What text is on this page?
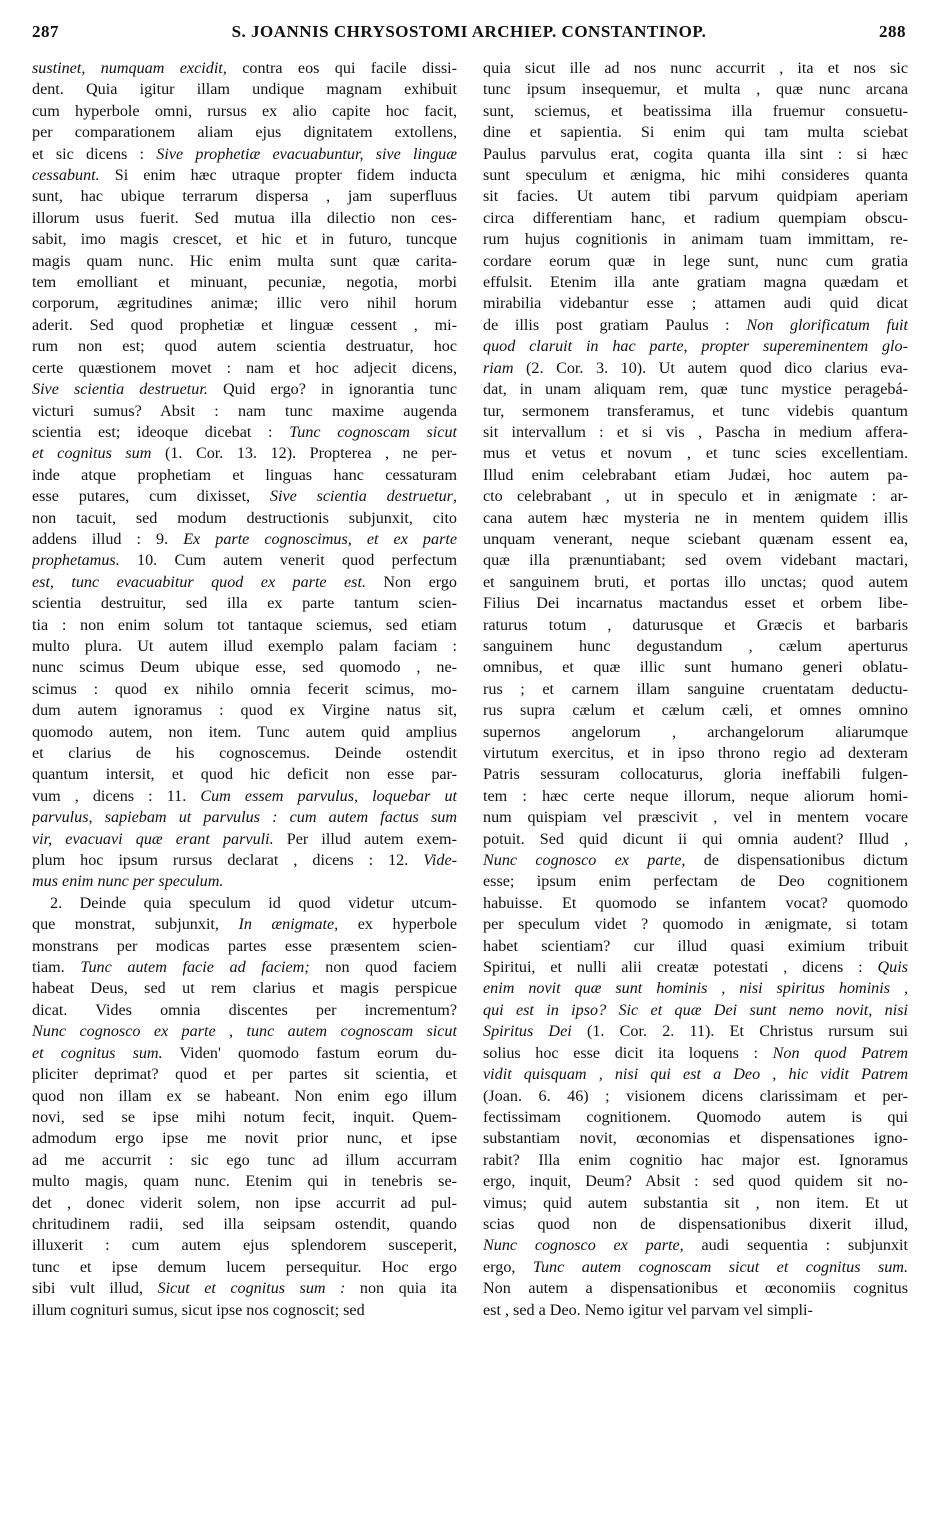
287	S. JOANNIS CHRYSOSTOMI ARCHIEP. CONSTANTINOP.	288

sustinet, numquam excidit, contra eos qui facile dissi-

dent. Quia igitur illam undique magnam exhibuit

cum hyperbole omni, rursus ex alio capite hoc facit,

per comparationem aliam ejus dignitatem extollens,

et sic dicens : Sive prophetiæ evacuabuntur, sive linguæ

cessabunt. Si enim hæc utraque propter fidem inducta

sunt, hac ubique terrarum dispersa , jam superfluus

illorum usus fuerit. Sed mutua illa dilectio non ces-

sabit, imo magis crescet, et hic et in futuro, tuncque

magis quam nunc. Hic enim multa sunt quæ carita-

tem emolliant et minuant, pecuniæ, negotia, morbi

corporum, ægritudines animæ; illic vero nihil horum

aderit. Sed quod prophetiæ et linguæ cessent , mi-

rum non est; quod autem scientia destruatur, hoc

certe quæstionem movet : nam et hoc adjecit dicens,

Sive scientia destruetur. Quid ergo? in ignorantia tunc

victuri sumus? Absit : nam tunc maxime augenda

scientia est; ideoque dicebat : Tunc cognoscam sicut

et cognitus sum (1. Cor. 13. 12). Propterea , ne per-

inde atque prophetiam et linguas hanc cessaturam

esse putares, cum dixisset, Sive scientia destruetur,

non tacuit, sed modum destructionis subjunxit, cito

addens illud : 9. Ex parte cognoscimus, et ex parte

prophetamus. 10. Cum autem venerit quod perfectum

est, tunc evacuabitur quod ex parte est. Non ergo

scientia destruitur, sed illa ex parte tantum scien-

tia : non enim solum tot tantaque sciemus, sed etiam

multo plura. Ut autem illud exemplo palam faciam :

nunc scimus Deum ubique esse, sed quomodo , ne-

scimus : quod ex nihilo omnia fecerit scimus, mo-

dum autem ignoramus : quod ex Virgine natus sit,

quomodo autem, non item. Tunc autem quid amplius

et clarius de his cognoscemus. Deinde ostendit

quantum intersit, et quod hic deficit non esse par-

vum , dicens : 11. Cum essem parvulus, loquebar ut

parvulus, sapiebam ut parvulus : cum autem factus sum

vir, evacuavi quæ erant parvuli. Per illud autem exem-

plum hoc ipsum rursus declarat , dicens : 12. Vide-

mus enim nunc per speculum.

2. Deinde quia speculum id quod videtur utcum-

que monstrat, subjunxit, In ænigmate, ex hyperbole

monstrans per modicas partes esse præsentem scien-

tiam. Tunc autem facie ad faciem; non quod faciem

habeat Deus, sed ut rem clarius et magis perspicue

dicat. Vides omnia discentes per incrementum?

Nunc cognosco ex parte , tunc autem cognoscam sicut

et cognitus sum. Viden' quomodo fastum eorum du-

pliciter deprimat? quod et per partes sit scientia, et

quod non illam ex se habeant. Non enim ego illum

novi, sed se ipse mihi notum fecit, inquit. Quem-

admodum ergo ipse me novit prior nunc, et ipse

ad me accurrit : sic ego tunc ad illum accurram

multo magis, quam nunc. Etenim qui in tenebris se-

det , donec viderit solem, non ipse accurrit ad pul-

chritudinem radii, sed illa seipsam ostendit, quando

illuxerit : cum autem ejus splendorem susceperit,

tunc et ipse demum lucem persequitur. Hoc ergo

sibi vult illud, Sicut et cognitus sum : non quia ita

illum cognituri sumus, sicut ipse nos cognoscit; sed

quia sicut ille ad nos nunc accurrit , ita et nos sic

tunc ipsum insequemur, et multa , quæ nunc arcana

sunt, sciemus, et beatissima illa fruemur consuetu-

dine et sapientia. Si enim qui tam multa sciebat

Paulus parvulus erat, cogita quanta illa sint : si hæc

sunt speculum et ænigma, hic mihi consideres quanta

sit facies. Ut autem tibi parvum quidpiam aperiam

circa differentiam hanc, et radium quempiam obscu-

rum hujus cognitionis in animam tuam immittam, re-

cordare eorum quæ in lege sunt, nunc cum gratia

effulsit. Etenim illa ante gratiam magna quædam et

mirabilia videbantur esse ; attamen audi quid dicat

de illis post gratiam Paulus : Non glorificatum fuit

quod claruit in hac parte, propter supereminentem glo-

riam (2. Cor. 3. 10). Ut autem quod dico clarius eva-

dat, in unam aliquam rem, quæ tunc mystice peragebá-

tur, sermonem transferamus, et tunc videbis quantum

sit intervallum : et si vis , Pascha in medium affera-

mus et vetus et novum , et tunc scies excellentiam.

Illud enim celebrabant etiam Judæi, hoc autem pa-

cto celebrabant , ut in speculo et in ænigmate : ar-

cana autem hæc mysteria ne in mentem quidem illis

unquam venerant, neque sciebant quænam essent ea,

quæ illa prænuntiabant; sed ovem videbant mactari,

et sanguinem bruti, et portas illo unctas; quod autem

Filius Dei incarnatus mactandus esset et orbem libe-

raturus totum , daturusque et Græcis et barbaris

sanguinem hunc degustandum , cælum aperturus

omnibus, et quæ illic sunt humano generi oblatu-

rus ; et carnem illam sanguine cruentatam deductu-

rus supra cælum et cælum cæli, et omnes omnino

supernos angelorum , archangelorum aliarumque

virtutum exercitus, et in ipso throno regio ad dexteram

Patris sessuram collocaturus, gloria ineffabili fulgen-

tem : hæc certe neque illorum, neque aliorum homi-

num quispiam vel præscivit , vel in mentem vocare

potuit. Sed quid dicunt ii qui omnia audent? Illud ,

Nunc cognosco ex parte, de dispensationibus dictum

esse; ipsum enim perfectam de Deo cognitionem

habuisse. Et quomodo se infantem vocat? quomodo

per speculum videt ? quomodo in ænigmate, si totam

habet scientiam? cur illud quasi eximium tribuit

Spiritui, et nulli alii creatæ potestati , dicens : Quis

enim novit quæ sunt hominis , nisi spiritus hominis ,

qui est in ipso? Sic et quæ Dei sunt nemo novit, nisi

Spiritus Dei (1. Cor. 2. 11). Et Christus rursum sui

solius hoc esse dicit ita loquens : Non quod Patrem

vidit quisquam , nisi qui est a Deo , hic vidit Patrem

(Joan. 6. 46) ; visionem dicens clarissimam et per-

fectissimam cognitionem. Quomodo autem is qui

substantiam novit, œconomias et dispensationes igno-

rabit? Illa enim cognitio hac major est. Ignoramus

ergo, inquit, Deum? Absit : sed quod quidem sit no-

vimus; quid autem substantia sit , non item. Et ut

scias quod non de dispensationibus dixerit illud,

Nunc cognosco ex parte, audi sequentia : subjunxit

ergo, Tunc autem cognoscam sicut et cognitus sum.

Non autem a dispensationibus et œconomiis cognitus

est , sed a Deo. Nemo igitur vel parvam vel simpli-
